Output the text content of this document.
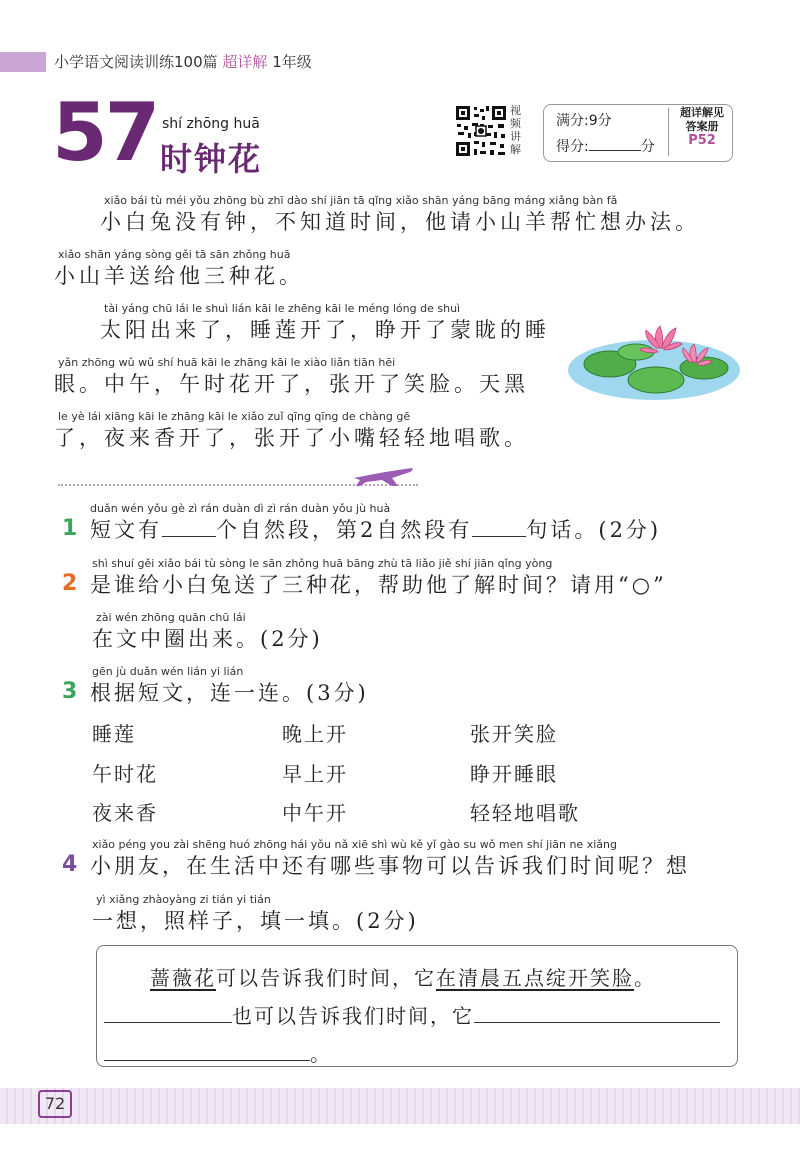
小学语文阅读训练100篇 超详解 1年级
57 shí zhōng huā
时钟花
视
频
讲
解
满分:9分
得分:	分
超详解见
答案册
P52
xiǎo bái tù méi yǒu zhōng bù zhī dào shí jiān tā qǐng xiǎo shān yáng bāng máng xiǎng bàn fǎ
小白兔没有钟，不知道时间，他请小山羊帮忙想办法。
xiǎo shān yáng sòng gěi tā sān zhǒng huā
小山羊送给他三种花。
tài yáng chū lái le shuì lián kāi le zhēng kāi le méng lóng de shuì
太阳出来了，睡莲开了，睁开了蒙眬的睡
yǎn zhōng wǔ wǔ shí huā kāi le zhāng kāi le xiào liǎn tiān hēi
眼。中午，午时花开了，张开了笑脸。天黑
le yè lái xiāng kāi le zhāng kāi le xiǎo zuǐ qīng qīng de chàng gē
了，夜来香开了，张开了小嘴轻轻地唱歌。
duǎn wén yǒu gè zì rán duàn dì zì rán duàn yǒu jù huà
1 短文有	个自然段，第2自然段有	句话。(2分)
shì shuí gěi xiǎo bái tù sòng le sān zhǒng huā bāng zhù tā liǎo jiě shí jiān qǐng yòng
2 是谁给小白兔送了三种花，帮助他了解时间？请用“○”
zài wén zhōng quān chū lái
在文中圈出来。(2分)
gēn jù duǎn wén lián yi lián
3 根据短文，连一连。(3分)
睡莲	晚上开	张开笑脸
午时花	早上开	睁开睡眼
夜来香	中午开	轻轻地唱歌
xiǎo péng you zài shēng huó zhōng hái yǒu nǎ xiē shì wù kě yǐ gào su wǒ men shí jiān ne xiǎng
4 小朋友，在生活中还有哪些事物可以告诉我们时间呢？想
yì xiǎng zhàoyàng zi tián yi tián
一想，照样子，填一填。(2分)
蔷薇花可以告诉我们时间，它在清晨五点绽开笑脸。
也可以告诉我们时间，它
。
72
